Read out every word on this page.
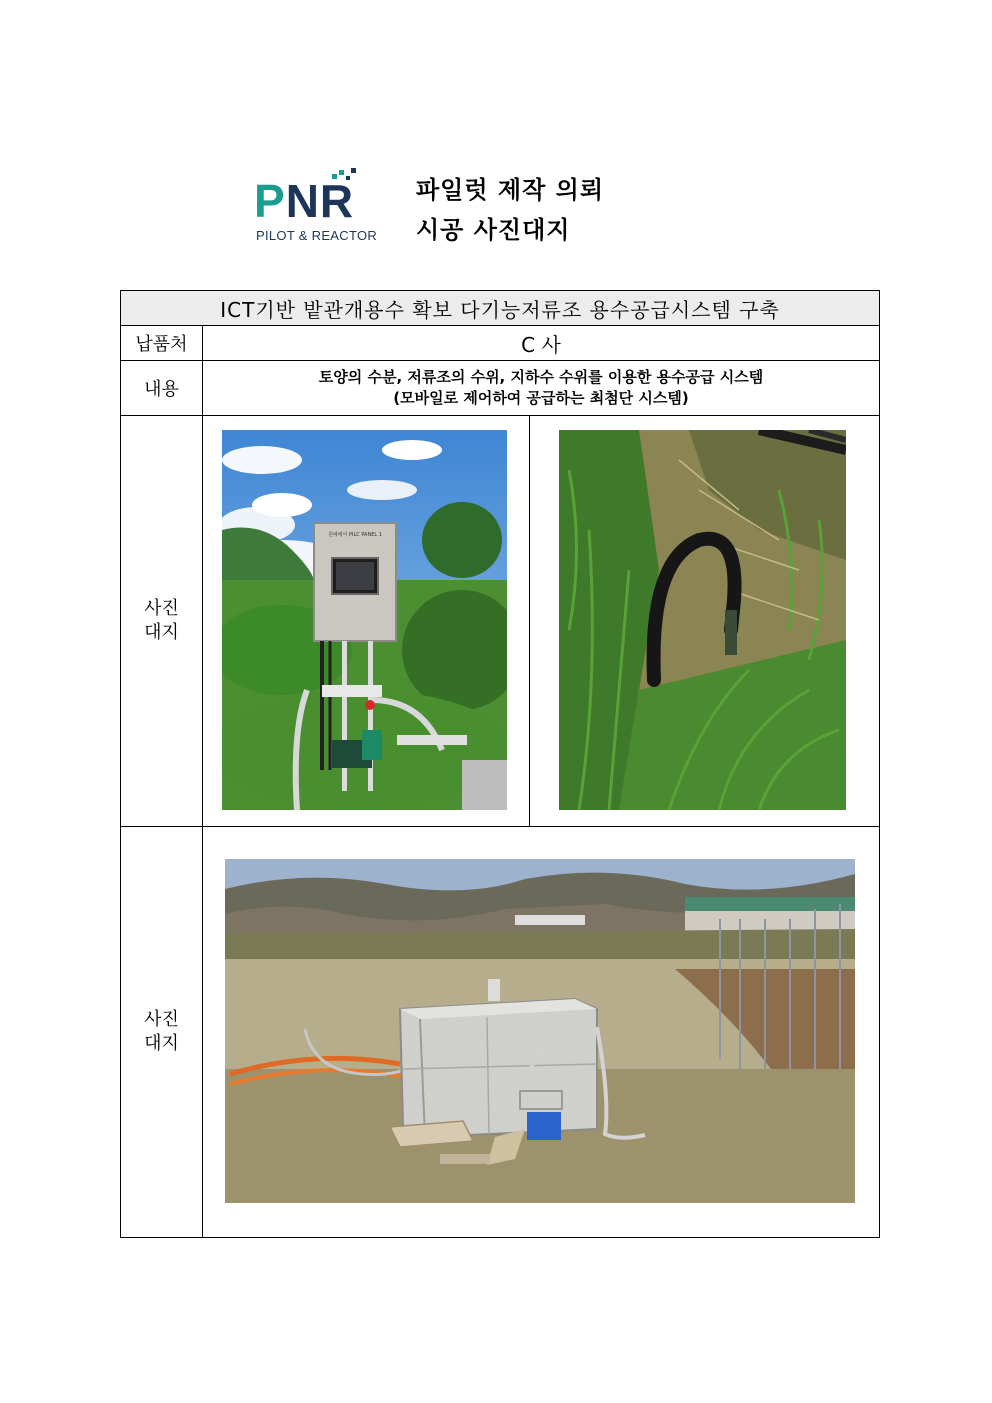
PNR
PILOT & REACTOR
파일럿 제작 의뢰
시공 사진대지
ICT기반 밭관개용수 확보 다기능저류조 용수공급시스템 구축		
납품처	C 사	
내용	토양의 수분, 저류조의 수위, 지하수 수위를 이용한 용수공급 시스템
(모바일로 제어하여 공급하는 최첨단 시스템)	

사진
대지	원예에어 PILC PANEL 1

사진
대지
